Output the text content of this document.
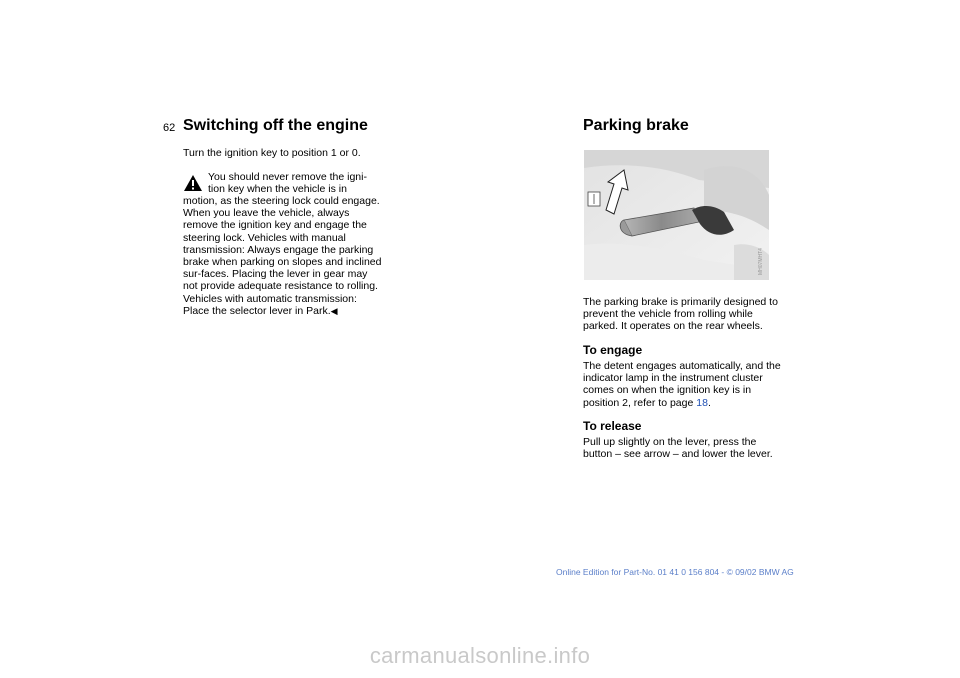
62 Switching off the engine

Turn the ignition key to position 1 or 0.

You should never remove the igni-tion key when the vehicle is in

motion, as the steering lock could engage. When you leave the vehicle, always remove the ignition key and engage the steering lock. Vehicles with manual transmission: Always engage the parking brake when parking on slopes and inclined sur-faces. Placing the lever in gear may not provide adequate resistance to rolling. Vehicles with automatic transmission: Place the selector lever in Park.◀

Parking brake
MH07MHT4

The parking brake is primarily designed to prevent the vehicle from rolling while parked. It operates on the rear wheels.

To engage

The detent engages automatically, and the indicator lamp in the instrument cluster comes on when the ignition key is in position 2, refer to page 18.

To release

Pull up slightly on the lever, press the button – see arrow – and lower the lever.

Online Edition for Part-No. 01 41 0 156 804 - © 09/02 BMW AG
carmanualsonline.info
